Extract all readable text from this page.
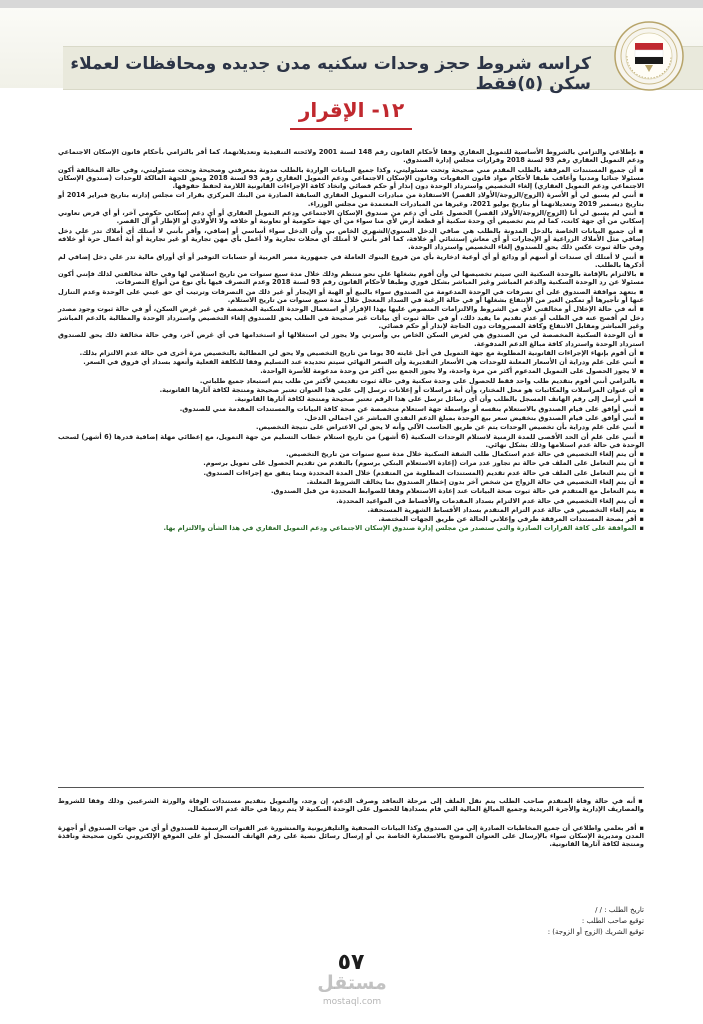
كراسه شروط حجز وحدات سكنيه مدن جديده ومحافظات لعملاء سكن (٥)فقط
١٢- الإقرار

▪بإطلاعي والتزامي بالشروط الأساسية للتمويل العقاري وفقا لأحكام القانون رقم 148 لسنة 2001 ولائحته التنفيذية وتعديلاتهما، كما أقر بالتزامي بأحكام قانون الإسكان الاجتماعي ودعم التمويل العقاري رقم 93 لسنة 2018 وقرارات مجلس إدارة الصندوق.

▪أن جميع المستندات المرفقة بالطلب المقدم مني صحيحة وتحت مسئوليتي، وكذا جميع البيانات الواردة بالطلب مدونة بمعرفتي وصحيحة وتحت مسئوليتي، وفي حالة المخالفة أكون مسئولا جنائيا ومدنيا وأعاقب طبقا لأحكام مواد قانون العقوبات وقانون الإسكان الاجتماعي ودعم التمويل العقاري رقم 93 لسنة 2018 ويحق للجهة المالكة للوحدات (صندوق الإسكان الاجتماعي ودعم التمويل العقاري) إلغاء التخصيص واسترداد الوحدة دون إنذار أو حكم قضائي واتخاذ كافة الإجراءات القانونية اللازمة لحفظ حقوقها.

▪أنني لم يسبق لي أو الأسرة (الزوج/الزوجة/الأولاد القصر) الاستفادة من مبادرات التمويل العقاري السابقة الصادرة من البنك المركزي بقرار ات مجلس إدارته بتاريخ فبراير 2014 أو بتاريخ ديسمبر 2019 وتعديلاتهما أو بتاريخ يوليو 2021، وغيرها من المبادرات المعتمدة من مجلس الوزراء.

▪أنني لم يسبق لي أنا (الزوج/الزوجة/الأولاد القصر) الحصول على أي دعم من صندوق الإسكان الاجتماعي ودعم التمويل العقاري أو أي دعم إسكاني حكومي آخر، أو أي قرض تعاوني إسكاني من أي جهة كانت، كما لم يتم تخصيص أي وحدة سكنية أو قطعة أرض لأي منا سواء من أي جهة حكومية أو تعاونية أو خلافه ولا الأولادي أو الإطار أو آل القصر.

▪أن جميع البيانات الخاصة بالدخل المدونة بالطلب هي صافي الدخل السنوي/الشهري الخاص بي وأن الدخل سواء أساسي أو إضافي، وأقر بأنني لا أمتلك أي أملاك تدر علي دخل إضافي مثل الأملاك الزراعية أو الإيجارات أو أي معاش إستثنائي أو خلافة، كما أقر بأنني لا أمتلك أي محلات تجارية ولا أعمل بأي مهن تجارية أو غير تجارية أو أية أعمال حرة أو خلافه وفي حالة ثبوت عكس ذلك يحق للصندوق إلغاء التخصيص واسترداد الوحدة.

▪أنني لا أمتلك أي سندات أو أسهم أو ودائع أو أي أوعية ادخارية بأي من فروع البنوك العاملة في جمهورية مصر العربية أو حسابات التوفير أو أي أوراق مالية تدر علي دخل إضافي لم أذكرها بالطلب.

▪بالالتزام بالإقامة بالوحدة السكنية التي سيتم تخصيصها لي وأن أقوم بشغلها على نحو منتظم وذلك خلال مدة سبع سنوات من تاريخ استلامي لها وفي حالة مخالفتي لذلك فإنني أكون مسئولا عن رد الوحدة السكنية والدعم المباشر وغير المباشر بشكل فوري وطبقا لأحكام القانون رقم 93 لسنة 2018 وعدم التصرف فيها بأي نوع من أنواع التصرفات.

▪بتعهد موافقة الصندوق على أي تصرفات في الوحدة المدعومة من الصندوق سواء بالبيع أو الهبة أو الإيجار أو غير ذلك من التصرفات وترتيب أي حق عيني على الوحدة وعدم التنازل عنها أو تأجيرها أو تمكين الغير من الإنتفاع بشغلها أو في حالة الرغبة في السداد المعجل خلال مدة سبع سنوات من تاريخ الاستلام.

▪أنه في حالة الإخلال أو مخالفتي لأي من الشروط والالتزامات المنصوص عليها بهذا الإقرار أو استعمال الوحدة السكنية المخصصة في غير غرض السكن، أو في حالة ثبوت وجود مصدر دخل لم أفصح عنه في الطلب أو عدم تقديم ما يفيد ذلك، أو في حالة ثبوت أي بيانات غير صحيحة في الطلب يحق للصندوق إلغاء التخصيص واسترداد الوحدة والمطالبة بالدعم المباشر وغير المباشر ومقابل الانتفاع وكافة المصروفات دون الحاجة لإنذار أو حكم قضائي.

▪أن الوحدة السكنية المخصصة لي من الصندوق هي لغرض السكن الخاص بي وأسرتي ولا يجوز لي استغلالها أو استخدامها في أي غرض آخر، وفي حالة مخالفة ذلك يحق للصندوق استرداد الوحدة واسترداد كافة مبالغ الدعم المدفوعة.

▪أن أقوم بإنهاء الإجراءات القانونية المطلوبة مع جهة التمويل في أجل غايته 30 يوما من تاريخ التخصيص ولا يحق لي المطالبة بالتخصيص مرة أخرى في حالة عدم الالتزام بذلك.

▪أنني على علم ودراية أن الأسعار المعلنة للوحدات هي الأسعار التقديرية وأن السعر النهائي سيتم تحديده عند التسليم وفقا للتكلفة الفعلية وأتعهد بسداد أي فروق في السعر.

▪لا يجوز الحصول على التمويل المدعوم أكثر من مرة واحدة، ولا يجوز الجمع بين أكثر من وحدة مدعومة للأسرة الواحدة.

▪بالتزامي أنني أقوم بتقديم طلب واحد فقط للحصول على وحدة سكنية وفي حالة ثبوت تقديمي لأكثر من طلب يتم استبعاد جميع طلباتي.

▪أن عنوان المراسلات والمكاتبات هو محل المختار، وأن أية مراسلات أو إعلانات ترسل إلى على هذا العنوان تعتبر صحيحة ومنتجة لكافة آثارها القانونية.

▪أنني أرسل إلى رقم الهاتف المسجل بالطلب وأن أي رسائل ترسل على هذا الرقم تعتبر صحيحة ومنتجة لكافة آثارها القانونية.

▪أنني أوافق على قيام الصندوق بالاستعلام بنفسه أو بواسطة جهة استعلام متخصصة عن صحة كافة البيانات والمستندات المقدمة مني للصندوق.

▪أنني أوافق على قيام الصندوق بتخفيض سعر بيع الوحدة بمبلغ الدعم النقدي المباشر عن اجمالي الدخل.

▪أنني على علم ودراية بأن تخصيص الوحدات يتم عن طريق الحاسب الآلي وأنه لا يحق لي الاعتراض على نتيجة التخصيص.

▪أنني على علم أن الحد الأقصى للمدة الزمنية لاستلام الوحدات السكنية (6 أشهر) من تاريخ استلام خطاب التسليم من جهة التمويل، مع إعطائي مهلة إضافية قدرها (6 أشهر) لسحب الوحدة في حالة عدم استلامها وذلك بشكل نهائي.

▪أن يتم إلغاء التخصيص في حالة عدم استكمال طلب الشقة السكنية خلال مدة سبع سنوات من تاريخ التخصيص.

▪أن يتم التعامل على الملف في حالة تم تجاوز عدد مرات (إعادة الاستعلام البنكي برسوم) بالتقدم من تقديم الحصول على تمويل برسوم.

▪أن يتم التعامل على الملف في حالة عدم تقديم (المستندات المطلوبة من المتقدم) خلال المدة المحددة وبما يتفق مع إجراءات الصندوق.

▪أن يتم إلغاء التخصيص في حالة الزواج من شخص آخر بدون إخطار الصندوق بما يخالف الشروط المعلنة.

▪يتم التعامل مع المتقدم في حالة ثبوت صحة البيانات عند إعادة الاستعلام وفقا للضوابط المحددة من قبل الصندوق.

▪أن يتم إلغاء التخصيص في حالة عدم الالتزام بسداد المقدمات والأقساط في المواعيد المحددة.

▪يتم إلغاء التخصيص في حالة عدم التزام المتقدم بسداد الأقساط الشهرية المستحقة.

▪أقر بصحة المستندات المرفقة طرفي وإعلاني الحالة عن طريق الجهات المختصة.

▪الموافقة على كافة القرارات الصادرة والتي ستصدر من مجلس إدارة صندوق الإسكان الاجتماعي ودعم التمويل العقاري في هذا الشأن والالتزام بها.

▪أنه في حالة وفاة المتقدم صاحب الطلب يتم نقل الملف إلى مرحلة التعاقد وصرف الدعم، إن وجد، والتمويل بتقديم مستندات الوفاة والورثة الشرعيين وذلك وفقا للشروط والمصاريف الإدارية والأجرة البريدية وجميع المبالغ المالية التي قام بسدادها للحصول على الوحدة السكنية لا يتم ردها في حالة عدم الاستكمال.

▪أقر بعلمي واطلاعي أن جميع المخاطبات الصادرة إلي من الصندوق وكذا البيانات الصحفية والتليفزيونية والمنشورة عبر القنوات الرسمية للصندوق أو أي من جهات الصندوق أو أجهزة المدن ومديرية الإسكان سواء بالإرسال على العنوان الموضح بالاستمارة الخاصة بي أو إرسال رسائل نصية على رقم الهاتف المسجل أو على الموقع الإلكتروني تكون صحيحة ونافذة ومنتجة لكافة آثارها القانونية.

تاريخ الطلب : / /
توقيع صاحب الطلب :
توقيع الشريك (الزوج أو الزوجة) :
٥٧
مستقل
mostaql.com
